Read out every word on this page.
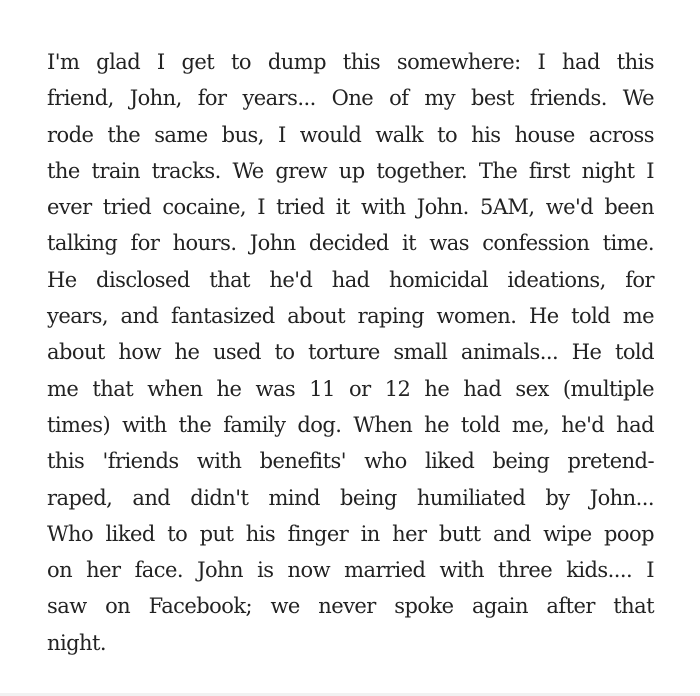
I'm glad I get to dump this somewhere: I had this
friend, John, for years... One of my best friends. We
rode the same bus, I would walk to his house across
the train tracks. We grew up together. The first night I
ever tried cocaine, I tried it with John. 5AM, we'd been
talking for hours. John decided it was confession time.
He disclosed that he'd had homicidal ideations, for
years, and fantasized about raping women. He told me
about how he used to torture small animals... He told
me that when he was 11 or 12 he had sex (multiple
times) with the family dog. When he told me, he'd had
this 'friends with benefits' who liked being pretend-
raped, and didn't mind being humiliated by John...
Who liked to put his finger in her butt and wipe poop
on her face. John is now married with three kids.... I
saw on Facebook; we never spoke again after that
night.
